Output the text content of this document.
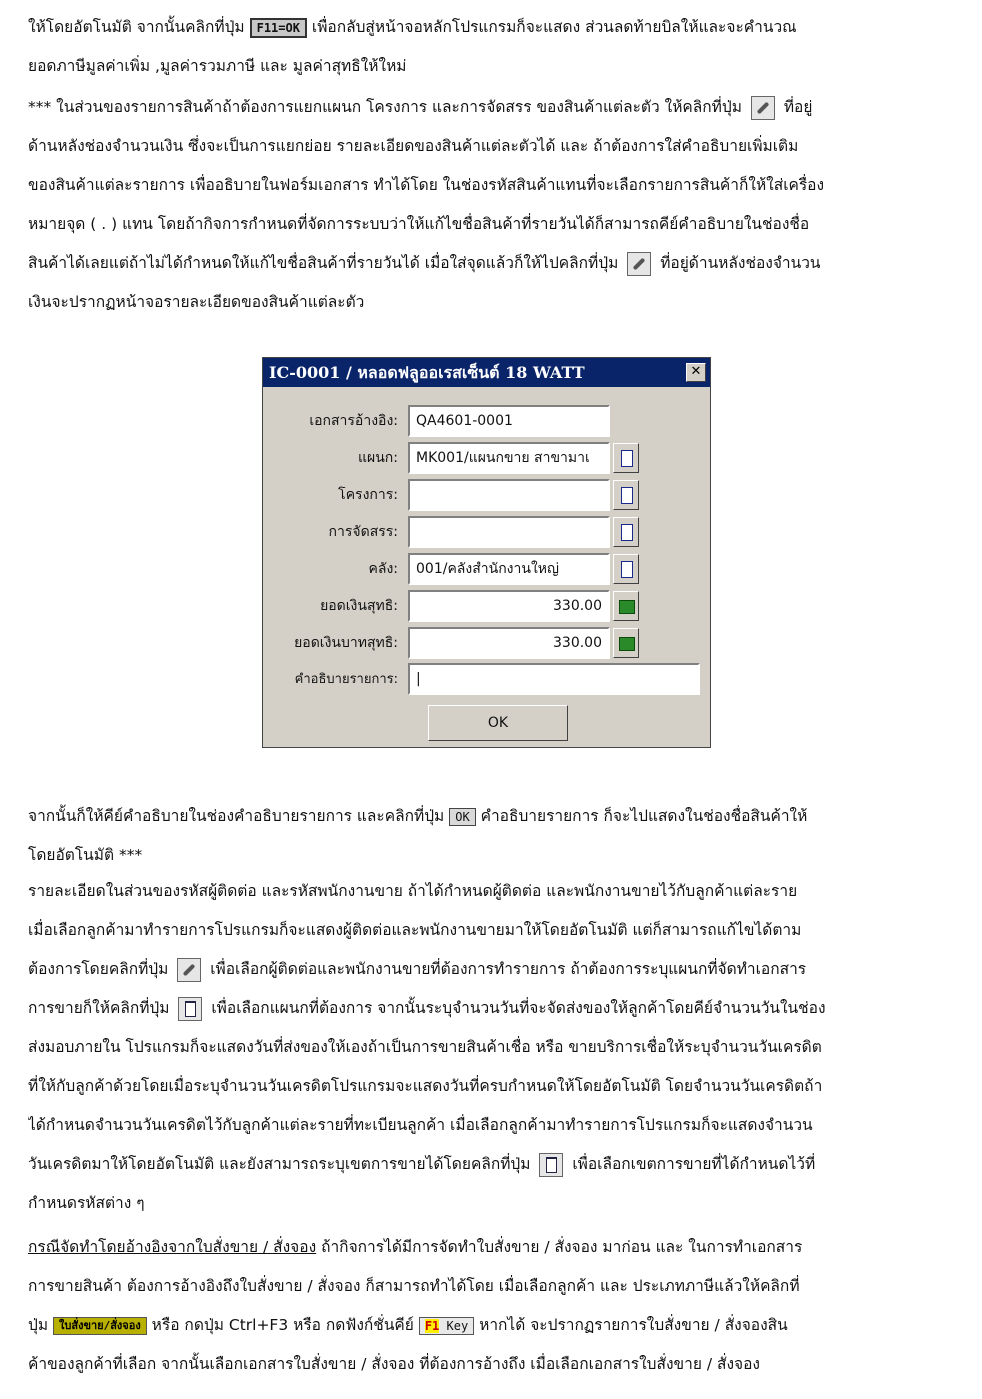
ให้โดยอัตโนมัติ จากนั้นคลิกที่ปุ่ม F11=OK เพื่อกลับสู่หน้าจอหลักโปรแกรมก็จะแสดง ส่วนลดท้ายบิลให้และจะคำนวณ
ยอดภาษีมูลค่าเพิ่ม ,มูลค่ารวมภาษี และ มูลค่าสุทธิให้ใหม่
*** ในส่วนของรายการสินค้าถ้าต้องการแยกแผนก โครงการ และการจัดสรร ของสินค้าแต่ละตัว ให้คลิกที่ปุ่ม	ที่อยู่
ด้านหลังช่องจำนวนเงิน ซึ่งจะเป็นการแยกย่อย รายละเอียดของสินค้าแต่ละตัวได้ และ ถ้าต้องการใส่คำอธิบายเพิ่มเติม
ของสินค้าแต่ละรายการ เพื่ออธิบายในฟอร์มเอกสาร ทำได้โดย ในช่องรหัสสินค้าแทนที่จะเลือกรายการสินค้าก็ให้ใส่เครื่อง
หมายจุด ( . ) แทน โดยถ้ากิจการกำหนดที่จัดการระบบว่าให้แก้ไขชื่อสินค้าที่รายวันได้ก็สามารถคีย์คำอธิบายในช่องชื่อ
สินค้าได้เลยแต่ถ้าไม่ได้กำหนดให้แก้ไขชื่อสินค้าที่รายวันได้ เมื่อใส่จุดแล้วก็ให้ไปคลิกที่ปุ่ม	ที่อยู่ด้านหลังช่องจำนวน
เงินจะปรากฏหน้าจอรายละเอียดของสินค้าแต่ละตัว
IC-0001 / หลอดฟลูออเรสเซ็นต์ 18 WATT	✕
เอกสารอ้างอิง:	QA4601-0001
แผนก:	MK001/แผนกขาย สาขามาเ
โครงการ:
การจัดสรร:
คลัง:	001/คลังสำนักงานใหญ่
ยอดเงินสุทธิ:	330.00
ยอดเงินบาทสุทธิ:	330.00
คำอธิบายรายการ:	|
OK
จากนั้นก็ให้คีย์คำอธิบายในช่องคำอธิบายรายการ และคลิกที่ปุ่ม OK คำอธิบายรายการ ก็จะไปแสดงในช่องชื่อสินค้าให้
โดยอัตโนมัติ ***
รายละเอียดในส่วนของรหัสผู้ติดต่อ และรหัสพนักงานขาย ถ้าได้กำหนดผู้ติดต่อ และพนักงานขายไว้กับลูกค้าแต่ละราย
เมื่อเลือกลูกค้ามาทำรายการโปรแกรมก็จะแสดงผู้ติดต่อและพนักงานขายมาให้โดยอัตโนมัติ แต่ก็สามารถแก้ไขได้ตาม
ต้องการโดยคลิกที่ปุ่ม	เพื่อเลือกผู้ติดต่อและพนักงานขายที่ต้องการทำรายการ ถ้าต้องการระบุแผนกที่จัดทำเอกสาร
การขายก็ให้คลิกที่ปุ่ม	เพื่อเลือกแผนกที่ต้องการ จากนั้นระบุจำนวนวันที่จะจัดส่งของให้ลูกค้าโดยคีย์จำนวนวันในช่อง
ส่งมอบภายใน โปรแกรมก็จะแสดงวันที่ส่งของให้เองถ้าเป็นการขายสินค้าเชื่อ หรือ ขายบริการเชื่อให้ระบุจำนวนวันเครดิต
ที่ให้กับลูกค้าด้วยโดยเมื่อระบุจำนวนวันเครดิตโปรแกรมจะแสดงวันที่ครบกำหนดให้โดยอัตโนมัติ โดยจำนวนวันเครดิตถ้า
ได้กำหนดจำนวนวันเครดิตไว้กับลูกค้าแต่ละรายที่ทะเบียนลูกค้า เมื่อเลือกลูกค้ามาทำรายการโปรแกรมก็จะแสดงจำนวน
วันเครดิตมาให้โดยอัตโนมัติ และยังสามารถระบุเขตการขายได้โดยคลิกที่ปุ่ม	เพื่อเลือกเขตการขายที่ได้กำหนดไว้ที่
กำหนดรหัสต่าง ๆ
กรณีจัดทำโดยอ้างอิงจากใบสั่งขาย / สั่งจอง ถ้ากิจการได้มีการจัดทำใบสั่งขาย / สั่งจอง มาก่อน และ ในการทำเอกสาร
การขายสินค้า ต้องการอ้างอิงถึงใบสั่งขาย / สั่งจอง ก็สามารถทำได้โดย เมื่อเลือกลูกค้า และ ประเภทภาษีแล้วให้คลิกที่
ปุ่ม ใบสั่งขาย/สั่งจอง หรือ กดปุ่ม Ctrl+F3 หรือ กดฟังก์ชั่นคีย์ F1 Key หากได้ จะปรากฏรายการใบสั่งขาย / สั่งจองสิน
ค้าของลูกค้าที่เลือก จากนั้นเลือกเอกสารใบสั่งขาย / สั่งจอง ที่ต้องการอ้างถึง เมื่อเลือกเอกสารใบสั่งขาย / สั่งจอง
